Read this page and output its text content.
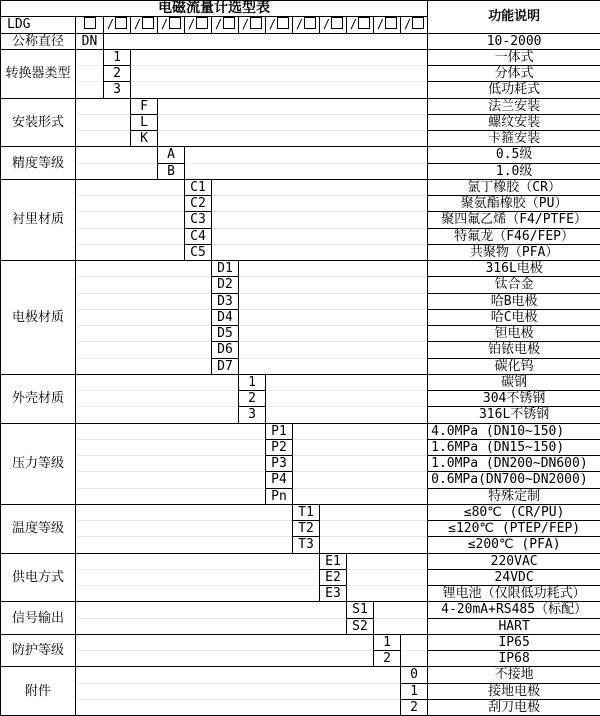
电磁流量计选型表														功能说明
LDG		/	/	/	/	/	/	/	/	/	/	/	/	
公称直径	DN													10-2000
转换器类型		1												一体式
		2												分体式
		3												低功耗式
安装形式			F											法兰安装
			L											螺纹安装
			K											卡箍安装
精度等级				A										0.5级
				B										1.0级
衬里材质					C1									氯丁橡胶（CR）
					C2									聚氨酯橡胶（PU）
					C3									聚四氟乙烯（F4/PTFE）
					C4									特氟龙（F46/FEP）
					C5									共聚物（PFA）
电极材质						D1								316L电极
						D2								钛合金
						D3								哈B电极
						D4								哈C电极
						D5								钽电极
						D6								铂铱电极
						D7								碳化钨
外壳材质							1							碳钢
							2							304不锈钢
							3							316L不锈钢
压力等级								P1						4.0MPa (DN10~150)
								P2						1.6MPa (DN15~150)
								P3						1.0MPa (DN200~DN600)
								P4						0.6MPa(DN700~DN2000)
								Pn						特殊定制
温度等级									T1					≤80℃ (CR/PU)
									T2					≤120℃ (PTEP/FEP)
									T3					≤200℃ (PFA)
供电方式										E1				220VAC
										E2				24VDC
										E3				锂电池（仅限低功耗式）
信号输出											S1			4-20mA+RS485（标配）
											S2			HART
防护等级												1		IP65
												2		IP68
附件													0	不接地
													1	接地电极
													2	刮刀电极
